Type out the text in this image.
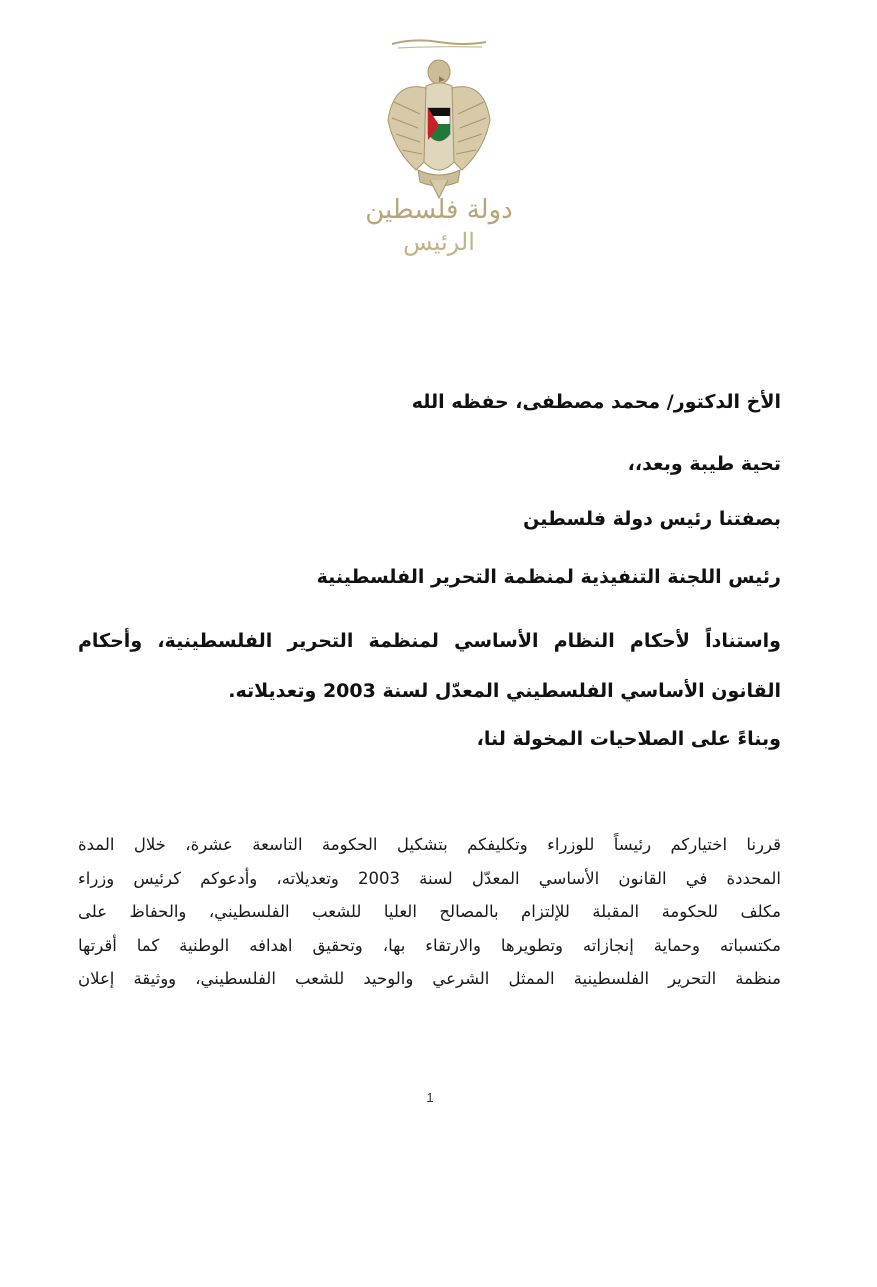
دولة فلسطين
الرئيس
الأخ الدكتور/ محمد مصطفى، حفظه الله
تحية طيبة وبعد،،
بصفتنا رئيس دولة فلسطين
رئيس اللجنة التنفيذية لمنظمة التحرير الفلسطينية
واستناداً لأحكام النظام الأساسي لمنظمة التحرير الفلسطينية، وأحكام القانون الأساسي الفلسطيني المعدّل لسنة 2003 وتعديلاته.
وبناءً على الصلاحيات المخولة لنا،
قررنا اختياركم رئيساً للوزراء وتكليفكم بتشكيل الحكومة التاسعة عشرة، خلال المدة
المحددة في القانون الأساسي المعدّل لسنة 2003 وتعديلاته، وأدعوكم كرئيس وزراء
مكلف للحكومة المقبلة للإلتزام بالمصالح العليا للشعب الفلسطيني، والحفاظ على
مكتسباته وحماية إنجازاته وتطويرها والارتقاء بها، وتحقيق اهدافه الوطنية كما أقرتها
منظمة التحرير الفلسطينية الممثل الشرعي والوحيد للشعب الفلسطيني، ووثيقة إعلان
1
